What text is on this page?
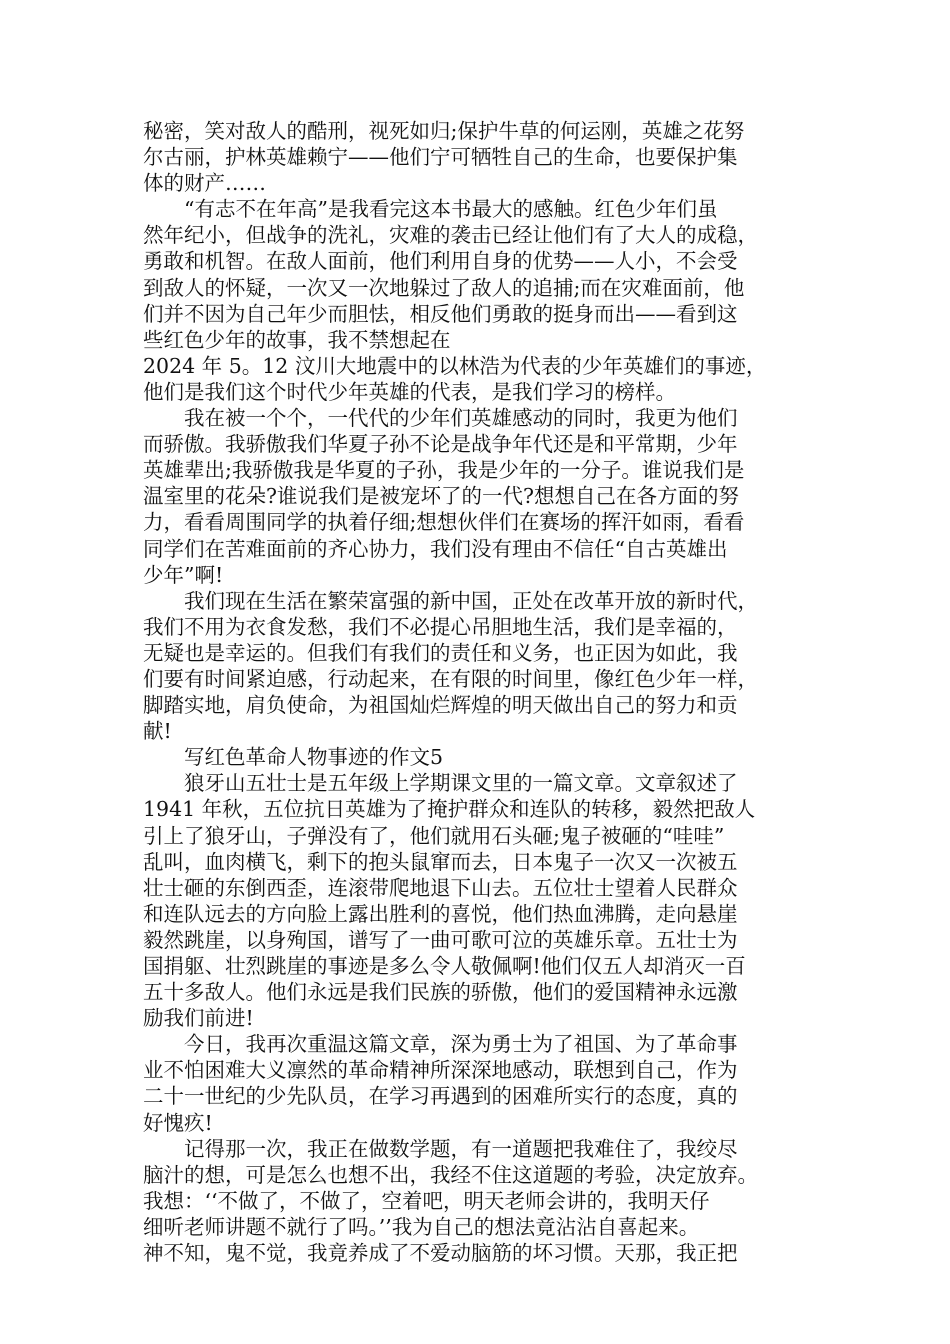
秘密，笑对敌人的酷刑，视死如归;保护牛草的何运刚，英雄之花努
尔古丽，护林英雄赖宁——他们宁可牺牲自己的生命，也要保护集
体的财产……

　　“有志不在年高”是我看完这本书最大的感触。红色少年们虽
然年纪小，但战争的洗礼，灾难的袭击已经让他们有了大人的成稳，
勇敢和机智。在敌人面前，他们利用自身的优势——人小，不会受
到敌人的怀疑，一次又一次地躲过了敌人的追捕;而在灾难面前，他
们并不因为自己年少而胆怯，相反他们勇敢的挺身而出——看到这
些红色少年的故事，我不禁想起在
2024 年 5。12 汶川大地震中的以林浩为代表的少年英雄们的事迹，
他们是我们这个时代少年英雄的代表，是我们学习的榜样。

　　我在被一个个，一代代的少年们英雄感动的同时，我更为他们
而骄傲。我骄傲我们华夏子孙不论是战争年代还是和平常期，少年
英雄辈出;我骄傲我是华夏的子孙，我是少年的一分子。谁说我们是
温室里的花朵?谁说我们是被宠坏了的一代?想想自己在各方面的努
力，看看周围同学的执着仔细;想想伙伴们在赛场的挥汗如雨，看看
同学们在苦难面前的齐心协力，我们没有理由不信任“自古英雄出
少年”啊!

　　我们现在生活在繁荣富强的新中国，正处在改革开放的新时代，
我们不用为衣食发愁，我们不必提心吊胆地生活，我们是幸福的，
无疑也是幸运的。但我们有我们的责任和义务，也正因为如此，我
们要有时间紧迫感，行动起来，在有限的时间里，像红色少年一样，
脚踏实地，肩负使命，为祖国灿烂辉煌的明天做出自己的努力和贡
献!

　　写红色革命人物事迹的作文5

　　狼牙山五壮士是五年级上学期课文里的一篇文章。文章叙述了
1941 年秋，五位抗日英雄为了掩护群众和连队的转移，毅然把敌人
引上了狼牙山，子弹没有了，他们就用石头砸;鬼子被砸的“哇哇”
乱叫，血肉横飞，剩下的抱头鼠窜而去，日本鬼子一次又一次被五
壮士砸的东倒西歪，连滚带爬地退下山去。五位壮士望着人民群众
和连队远去的方向脸上露出胜利的喜悦，他们热血沸腾，走向悬崖
毅然跳崖，以身殉国，谱写了一曲可歌可泣的英雄乐章。五壮士为
国捐躯、壮烈跳崖的事迹是多么令人敬佩啊!他们仅五人却消灭一百
五十多敌人。他们永远是我们民族的骄傲，他们的爱国精神永远激
励我们前进!

　　今日，我再次重温这篇文章，深为勇士为了祖国、为了革命事
业不怕困难大义凛然的革命精神所深深地感动，联想到自己，作为
二十一世纪的少先队员，在学习再遇到的困难所实行的态度，真的
好愧疚!

　　记得那一次，我正在做数学题，有一道题把我难住了，我绞尽
脑汁的想，可是怎么也想不出，我经不住这道题的考验，决定放弃。
我想：‘‘不做了，不做了，空着吧，明天老师会讲的，我明天仔
细听老师讲题不就行了吗。’’我为自己的想法竟沾沾自喜起来。
神不知，鬼不觉，我竟养成了不爱动脑筋的坏习惯。天那，我正把
